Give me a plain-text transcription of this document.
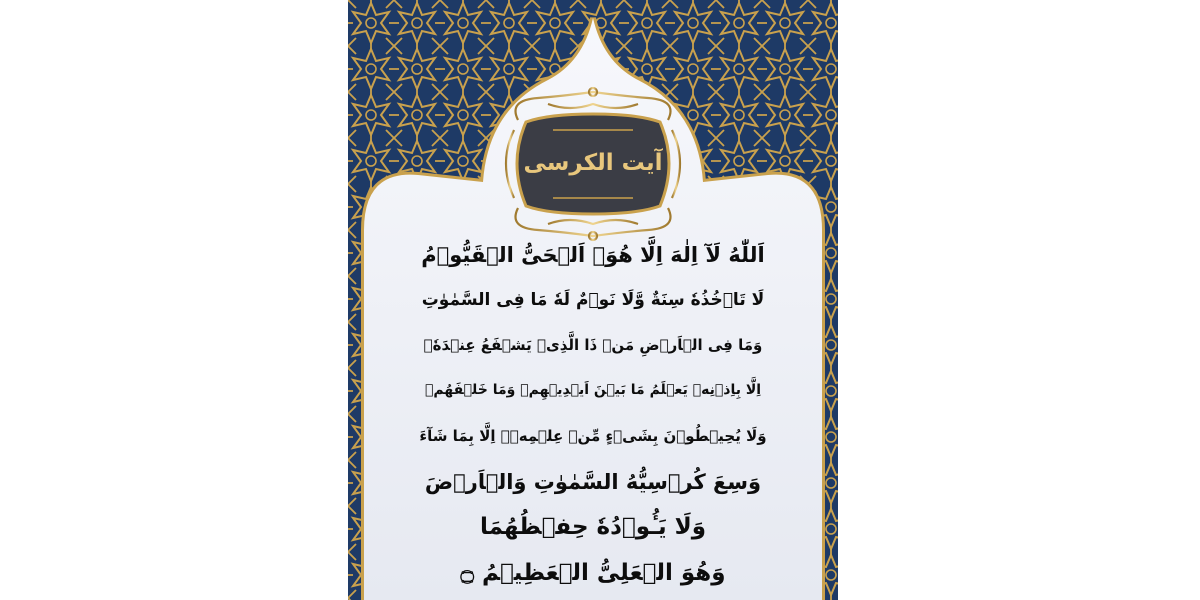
آیت الکرسی
اَللّٰهُ لَآ اِلٰهَ اِلَّا هُوَۚ اَلۡحَیُّ الۡقَیُّوۡمُ
لَا تَاۡخُذُهٗ سِنَةٌ وَّلَا نَوۡمٌ لَهٗ مَا فِی السَّمٰوٰتِ
وَمَا فِی الۡاَرۡضِ مَنۡ ذَا الَّذِیۡ یَشۡفَعُ عِنۡدَهٗۤ
اِلَّا بِاِذۡنِهٖ یَعۡلَمُ مَا بَیۡنَ اَیۡدِیۡهِمۡ وَمَا خَلۡفَهُمۡ
وَلَا یُحِیۡطُوۡنَ بِشَیۡءٍ مِّنۡ عِلۡمِهٖۤ اِلَّا بِمَا شَآءَ
وَسِعَ كُرۡسِیُّهُ السَّمٰوٰتِ وَالۡاَرۡضَ
وَلَا یَـُٔوۡدُهٗ حِفۡظُهُمَا
وَهُوَ الۡعَلِیُّ الۡعَظِیۡمُ ۝
